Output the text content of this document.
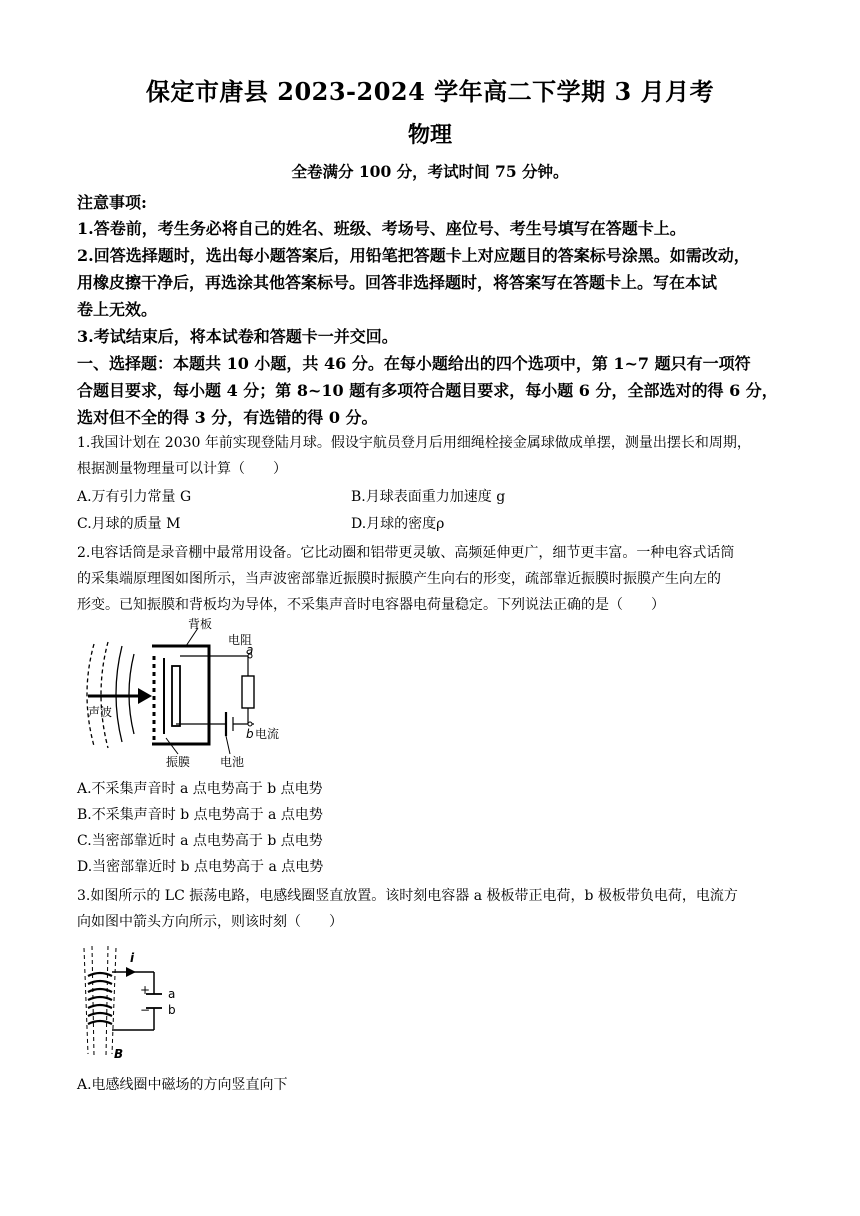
保定市唐县 2023-2024 学年高二下学期 3 月月考
物理
全卷满分 100 分，考试时间 75 分钟。
注意事项:
1.答卷前，考生务必将自己的姓名、班级、考场号、座位号、考生号填写在答题卡上。
2.回答选择题时，选出每小题答案后，用铅笔把答题卡上对应题目的答案标号涂黑。如需改动，
用橡皮擦干净后，再选涂其他答案标号。回答非选择题时，将答案写在答题卡上。写在本试
卷上无效。
3.考试结束后，将本试卷和答题卡一并交回。
一、选择题：本题共 10 小题，共 46 分。在每小题给出的四个选项中，第 1~7 题只有一项符
合题目要求，每小题 4 分；第 8~10 题有多项符合题目要求，每小题 6 分，全部选对的得 6 分，
选对但不全的得 3 分，有选错的得 0 分。
1.我国计划在 2030 年前实现登陆月球。假设宇航员登月后用细绳栓接金属球做成单摆，测量出摆长和周期，
根据测量物理量可以计算（　　）
A.万有引力常量 G	B.月球表面重力加速度 g
C.月球的质量 M	D.月球的密度ρ
2.电容话筒是录音棚中最常用设备。它比动圈和铝带更灵敏、高频延伸更广，细节更丰富。一种电容式话筒
的采集端原理图如图所示，当声波密部靠近振膜时振膜产生向右的形变，疏部靠近振膜时振膜产生向左的
形变。已知振膜和背板均为导体，不采集声音时电容器电荷量稳定。下列说法正确的是（　　）
背板
电阻
a
声波
b 电流
振膜 电池
A.不采集声音时 a 点电势高于 b 点电势
B.不采集声音时 b 点电势高于 a 点电势
C.当密部靠近时 a 点电势高于 b 点电势
D.当密部靠近时 b 点电势高于 a 点电势
3.如图所示的 LC 振荡电路，电感线圈竖直放置。该时刻电容器 a 极板带正电荷，b 极板带负电荷，电流方
向如图中箭头方向所示，则该时刻（　　）
i
+
−
a
b
B
A.电感线圈中磁场的方向竖直向下
